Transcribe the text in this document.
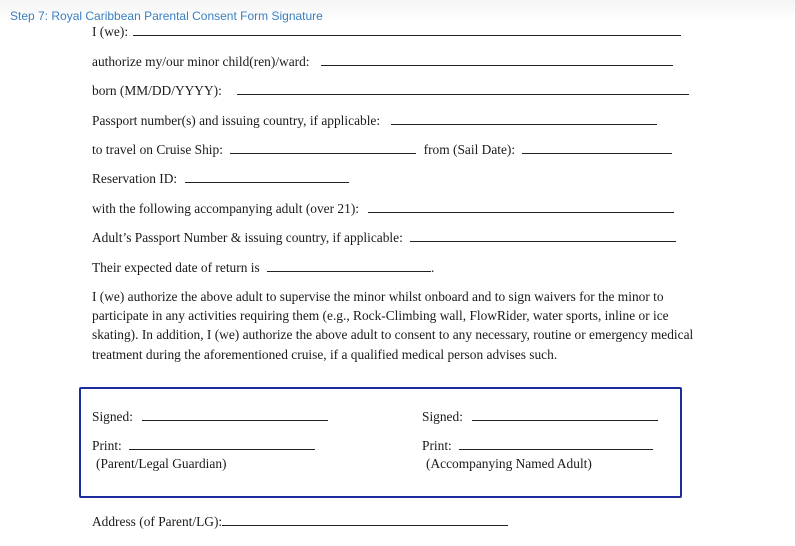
Step 7: Royal Caribbean Parental Consent Form Signature
I (we):
authorize my/our minor child(ren)/ward:
born (MM/DD/YYYY):
Passport number(s) and issuing country, if applicable:
to travel on Cruise Ship:	from (Sail Date):
Reservation ID:
with the following accompanying adult (over 21):
Adult’s Passport Number & issuing country, if applicable:
Their expected date of return is	.
I (we) authorize the above adult to supervise the minor whilst onboard and to sign waivers for the minor to participate in any activities requiring them (e.g., Rock-Climbing wall, FlowRider, water sports, inline or ice skating). In addition, I (we) authorize the above adult to consent to any necessary, routine or emergency medical treatment during the aforementioned cruise, if a qualified medical person advises such.
Signed:
Print:
(Parent/Legal Guardian)
Signed:
Print:
(Accompanying Named Adult)
Address (of Parent/LG):
